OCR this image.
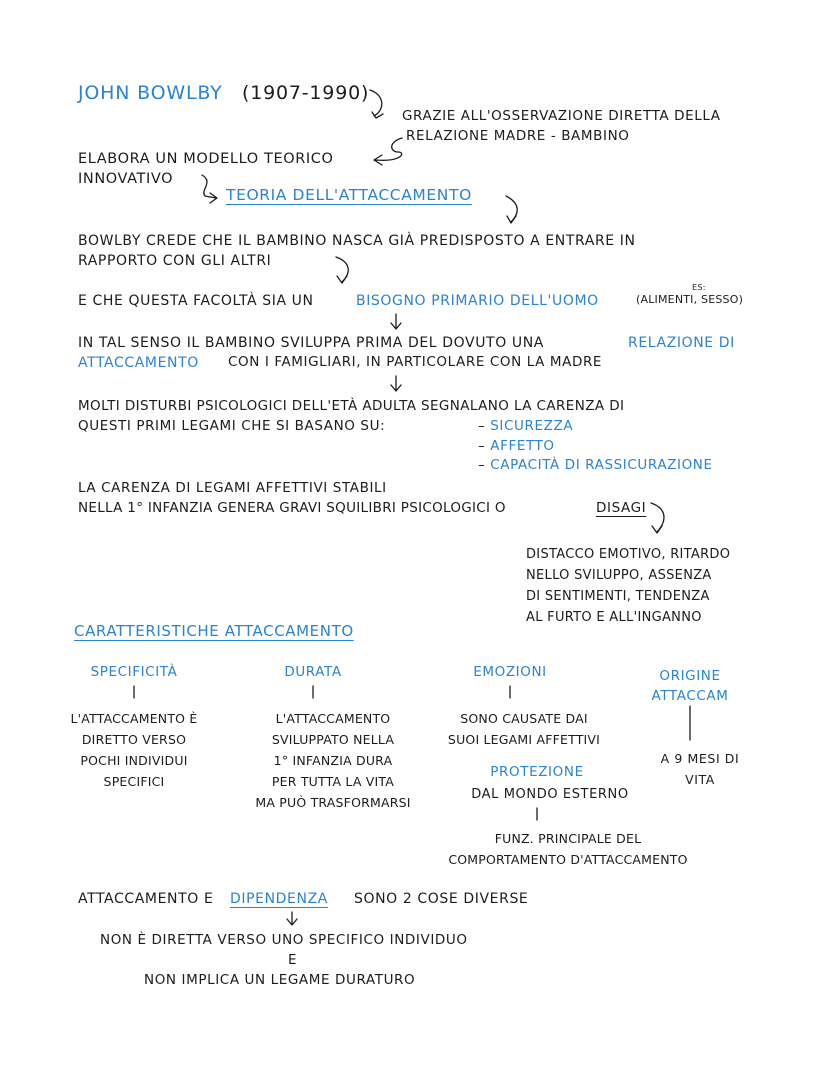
JOHN BOWLBY (1907-1990)
GRAZIE ALL'OSSERVAZIONE DIRETTA DELLA
RELAZIONE MADRE - BAMBINO
ELABORA UN MODELLO TEORICO
INNOVATIVO
TEORIA DELL'ATTACCAMENTO
BOWLBY CREDE CHE IL BAMBINO NASCA GIÀ PREDISPOSTO A ENTRARE IN
RAPPORTO CON GLI ALTRI
E CHE QUESTA FACOLTÀ SIA UN	BISOGNO PRIMARIO DELL'UOMO
ES:
(ALIMENTI, SESSO)
IN TAL SENSO IL BAMBINO SVILUPPA PRIMA DEL DOVUTO UNA	RELAZIONE DI
ATTACCAMENTO CON I FAMIGLIARI, IN PARTICOLARE CON LA MADRE
MOLTI DISTURBI PSICOLOGICI DELL'ETÀ ADULTA SEGNALANO LA CARENZA DI
QUESTI PRIMI LEGAMI CHE SI BASANO SU:	– SICUREZZA
– AFFETTO
– CAPACITÀ DI RASSICURAZIONE
LA CARENZA DI LEGAMI AFFETTIVI STABILI
NELLA 1° INFANZIA GENERA GRAVI SQUILIBRI PSICOLOGICI O	DISAGI
DISTACCO EMOTIVO, RITARDO
NELLO SVILUPPO, ASSENZA
DI SENTIMENTI, TENDENZA
AL FURTO E ALL'INGANNO
CARATTERISTICHE ATTACCAMENTO
SPECIFICITÀ
L'ATTACCAMENTO È
DIRETTO VERSO
POCHI INDIVIDUI
SPECIFICI
DURATA
L'ATTACCAMENTO
SVILUPPATO NELLA
1° INFANZIA DURA
PER TUTTA LA VITA
MA PUÒ TRASFORMARSI
EMOZIONI
SONO CAUSATE DAI
SUOI LEGAMI AFFETTIVI
PROTEZIONE
DAL MONDO ESTERNO
FUNZ. PRINCIPALE DEL
COMPORTAMENTO D'ATTACCAMENTO
ORIGINE
ATTACCAM
A 9 MESI DI
VITA
ATTACCAMENTO E DIPENDENZA SONO 2 COSE DIVERSE
NON È DIRETTA VERSO UNO SPECIFICO INDIVIDUO
E
NON IMPLICA UN LEGAME DURATURO
